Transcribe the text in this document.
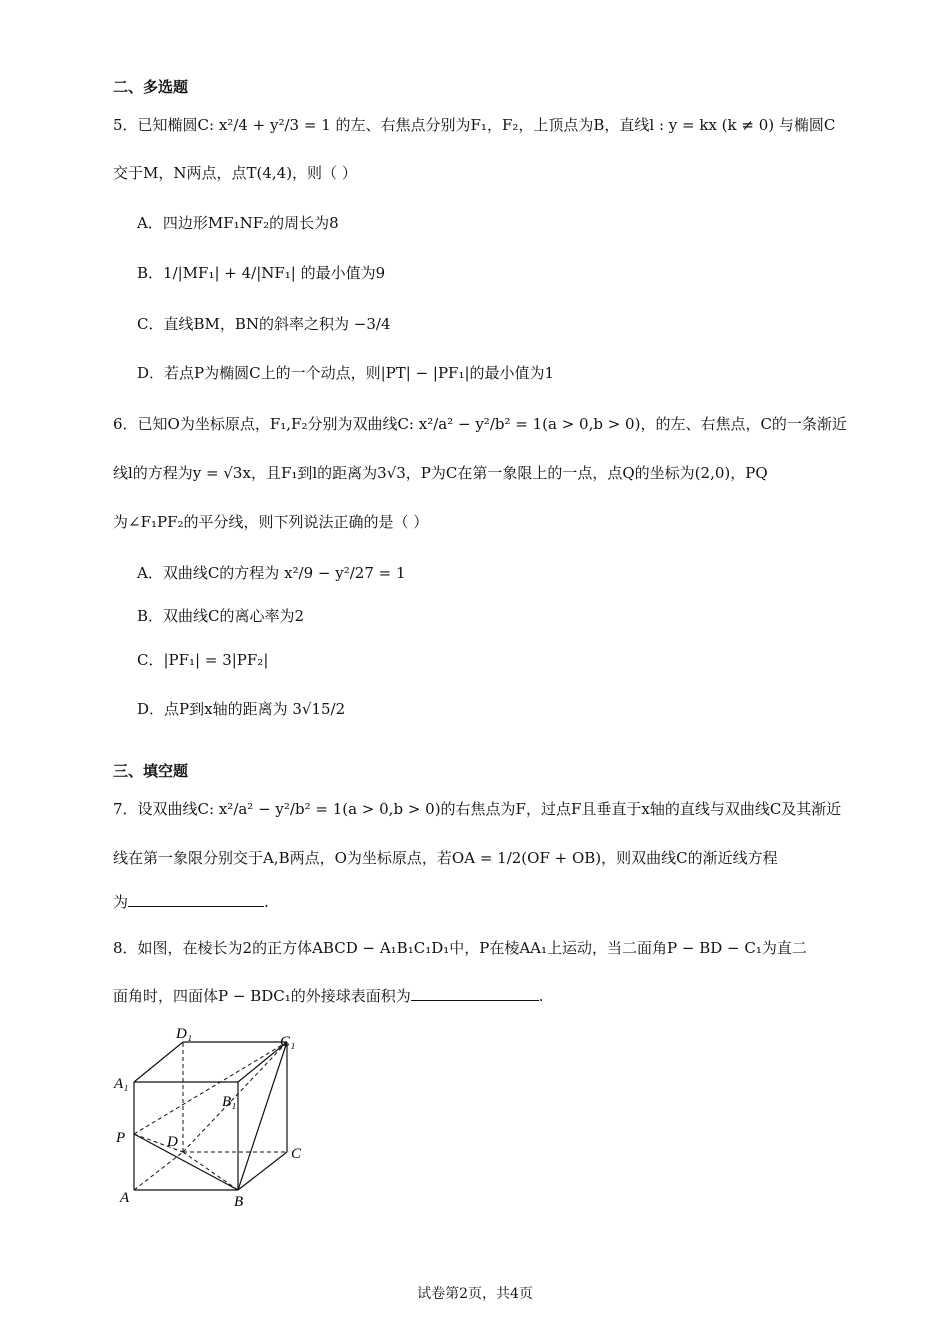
二、多选题
5．已知椭圆C: x²/4 + y²/3 = 1 的左、右焦点分别为F₁，F₂，上顶点为B，直线l : y = kx (k ≠ 0) 与椭圆C
交于M，N两点，点T(4,4)，则（ ）
A．四边形MF₁NF₂的周长为8
B．1/|MF₁| + 4/|NF₁| 的最小值为9
C．直线BM，BN的斜率之积为 −3/4
D．若点P为椭圆C上的一个动点，则|PT| − |PF₁|的最小值为1
6．已知O为坐标原点，F₁,F₂分别为双曲线C: x²/a² − y²/b² = 1(a > 0,b > 0)，的左、右焦点，C的一条渐近
线l的方程为y = √3x，且F₁到l的距离为3√3，P为C在第一象限上的一点，点Q的坐标为(2,0)，PQ
为∠F₁PF₂的平分线，则下列说法正确的是（ ）
A．双曲线C的方程为 x²/9 − y²/27 = 1
B．双曲线C的离心率为2
C．|PF₁| = 3|PF₂|
D．点P到x轴的距离为 3√15/2
三、填空题
7．设双曲线C: x²/a² − y²/b² = 1(a > 0,b > 0)的右焦点为F，过点F且垂直于x轴的直线与双曲线C及其渐近
线在第一象限分别交于A,B两点，O为坐标原点，若OA = 1/2(OF + OB)，则双曲线C的渐近线方程
为	.
8．如图，在棱长为2的正方体ABCD − A₁B₁C₁D₁中，P在棱AA₁上运动，当二面角P − BD − C₁为直二
面角时，四面体P − BDC₁的外接球表面积为	.
D₁	C₁
A₁
B₁
P	D
C
A	B
试卷第2页，共4页
